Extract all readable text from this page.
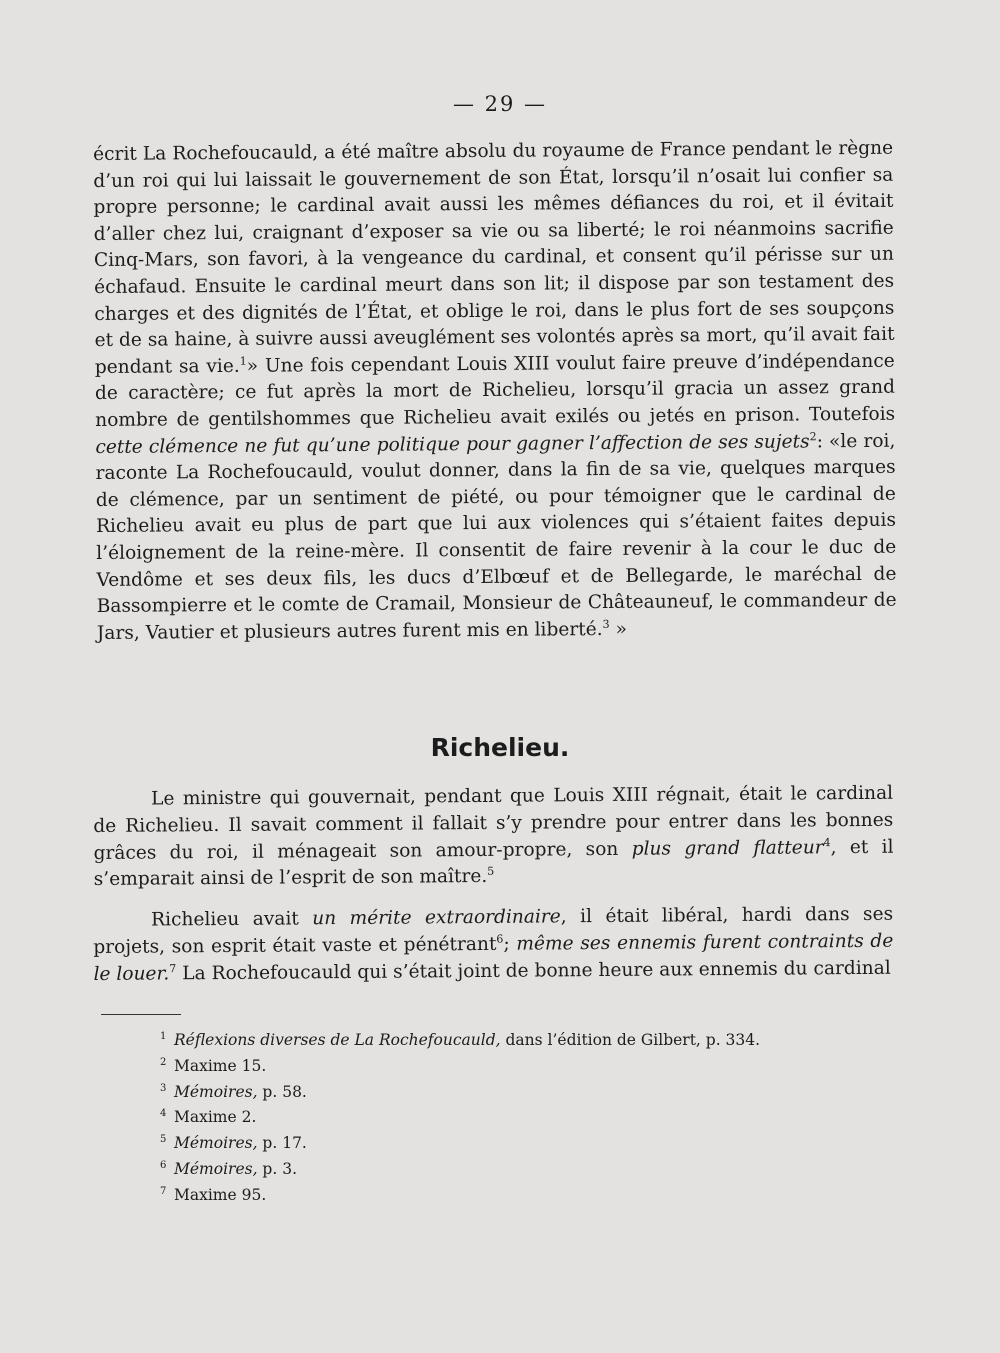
— 29 —
écrit La Rochefoucauld, a été maître absolu du royaume de France pendant le règne d’un roi qui lui laissait le gouvernement de son État, lorsqu’il n’osait lui confier sa propre personne; le cardinal avait aussi les mêmes défiances du roi, et il évitait d’aller chez lui, craignant d’exposer sa vie ou sa liberté; le roi néanmoins sacrifie Cinq-Mars, son favori, à la vengeance du cardinal, et consent qu’il périsse sur un échafaud. Ensuite le cardinal meurt dans son lit; il dispose par son testament des charges et des dignités de l’État, et oblige le roi, dans le plus fort de ses soupçons et de sa haine, à suivre aussi aveuglément ses volontés après sa mort, qu’il avait fait pendant sa vie.$^1$» Une fois cependant Louis XIII voulut faire preuve d’indépendance de caractère; ce fut après la mort de Richelieu, lorsqu’il gracia un assez grand nombre de gentilshommes que Richelieu avait exilés ou jetés en prison. Toutefois cette clémence ne fut qu’une politique pour gagner l’affection de ses sujets$^2$: «le roi, raconte La Rochefoucauld, voulut donner, dans la fin de sa vie, quelques marques de clémence, par un sentiment de piété, ou pour témoigner que le cardinal de Richelieu avait eu plus de part que lui aux violences qui s’étaient faites depuis l’éloignement de la reine-mère. Il consentit de faire revenir à la cour le duc de Vendôme et ses deux fils, les ducs d’Elbœuf et de Bellegarde, le maréchal de Bassompierre et le comte de Cramail, Monsieur de Châteauneuf, le commandeur de Jars, Vautier et plusieurs autres furent mis en liberté.$^3$ »
Richelieu.
Le ministre qui gouvernait, pendant que Louis XIII régnait, était le cardinal de Richelieu. Il savait comment il fallait s’y prendre pour entrer dans les bonnes grâces du roi, il ménageait son amour-propre, son plus grand flatteur$^4$, et il s’emparait ainsi de l’esprit de son maître.$^5$
Richelieu avait un mérite extraordinaire, il était libéral, hardi dans ses projets, son esprit était vaste et pénétrant$^6$; même ses ennemis furent contraints de le louer.$^7$ La Rochefoucauld qui s’était joint de bonne heure aux ennemis du cardinal
1 Réflexions diverses de La Rochefoucauld, dans l’édition de Gilbert, p. 334.
2 Maxime 15.
3 Mémoires, p. 58.
4 Maxime 2.
5 Mémoires, p. 17.
6 Mémoires, p. 3.
7 Maxime 95.
